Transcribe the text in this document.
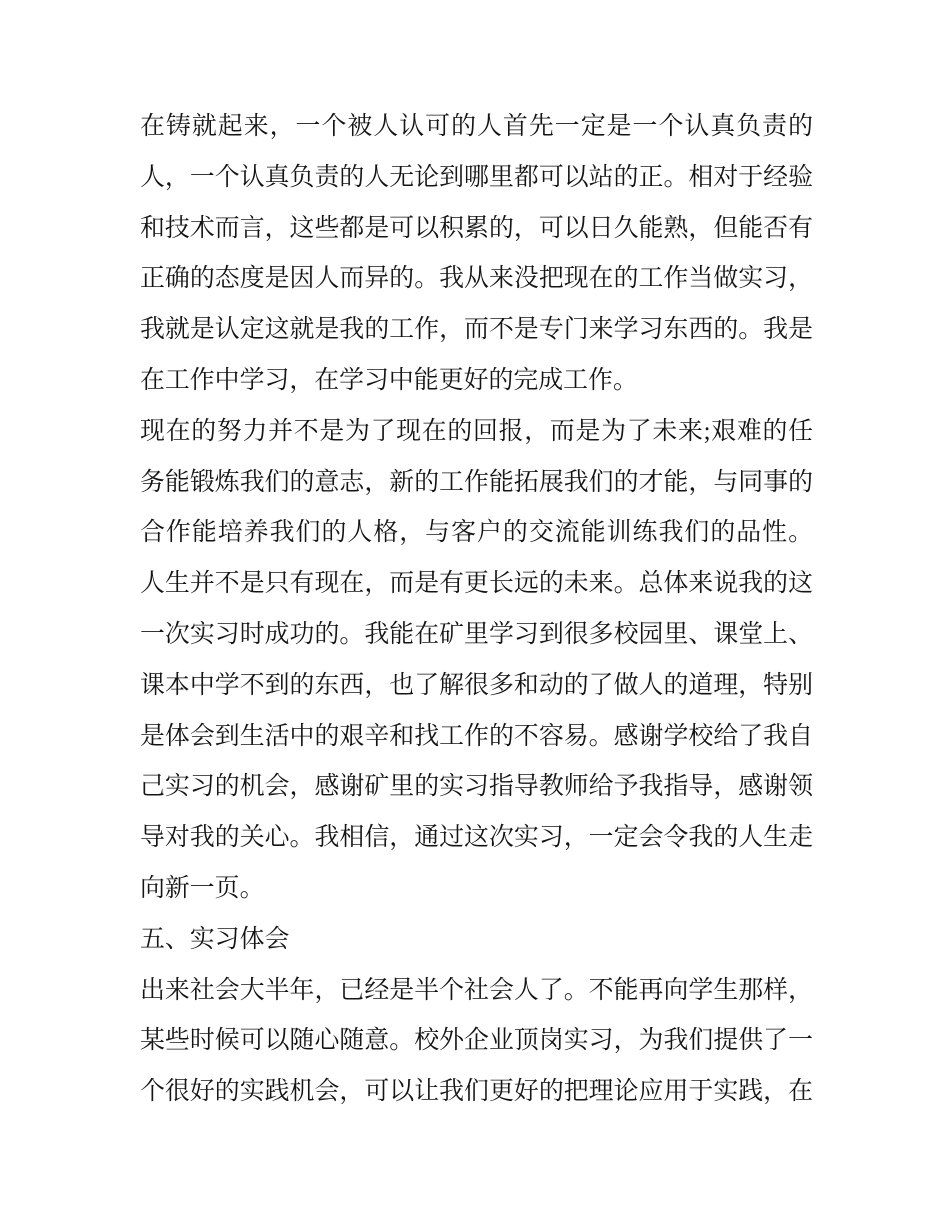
在铸就起来，一个被人认可的人首先一定是一个认真负责的
人，一个认真负责的人无论到哪里都可以站的正。相对于经验
和技术而言，这些都是可以积累的，可以日久能熟，但能否有
正确的态度是因人而异的。我从来没把现在的工作当做实习，
我就是认定这就是我的工作，而不是专门来学习东西的。我是
在工作中学习，在学习中能更好的完成工作。
现在的努力并不是为了现在的回报，而是为了未来;艰难的任
务能锻炼我们的意志，新的工作能拓展我们的才能，与同事的
合作能培养我们的人格，与客户的交流能训练我们的品性。
人生并不是只有现在，而是有更长远的未来。总体来说我的这
一次实习时成功的。我能在矿里学习到很多校园里、课堂上、
课本中学不到的东西，也了解很多和动的了做人的道理，特别
是体会到生活中的艰辛和找工作的不容易。感谢学校给了我自
己实习的机会，感谢矿里的实习指导教师给予我指导，感谢领
导对我的关心。我相信，通过这次实习，一定会令我的人生走
向新一页。
五、实习体会
出来社会大半年，已经是半个社会人了。不能再向学生那样，
某些时候可以随心随意。校外企业顶岗实习，为我们提供了一
个很好的实践机会，可以让我们更好的把理论应用于实践，在
